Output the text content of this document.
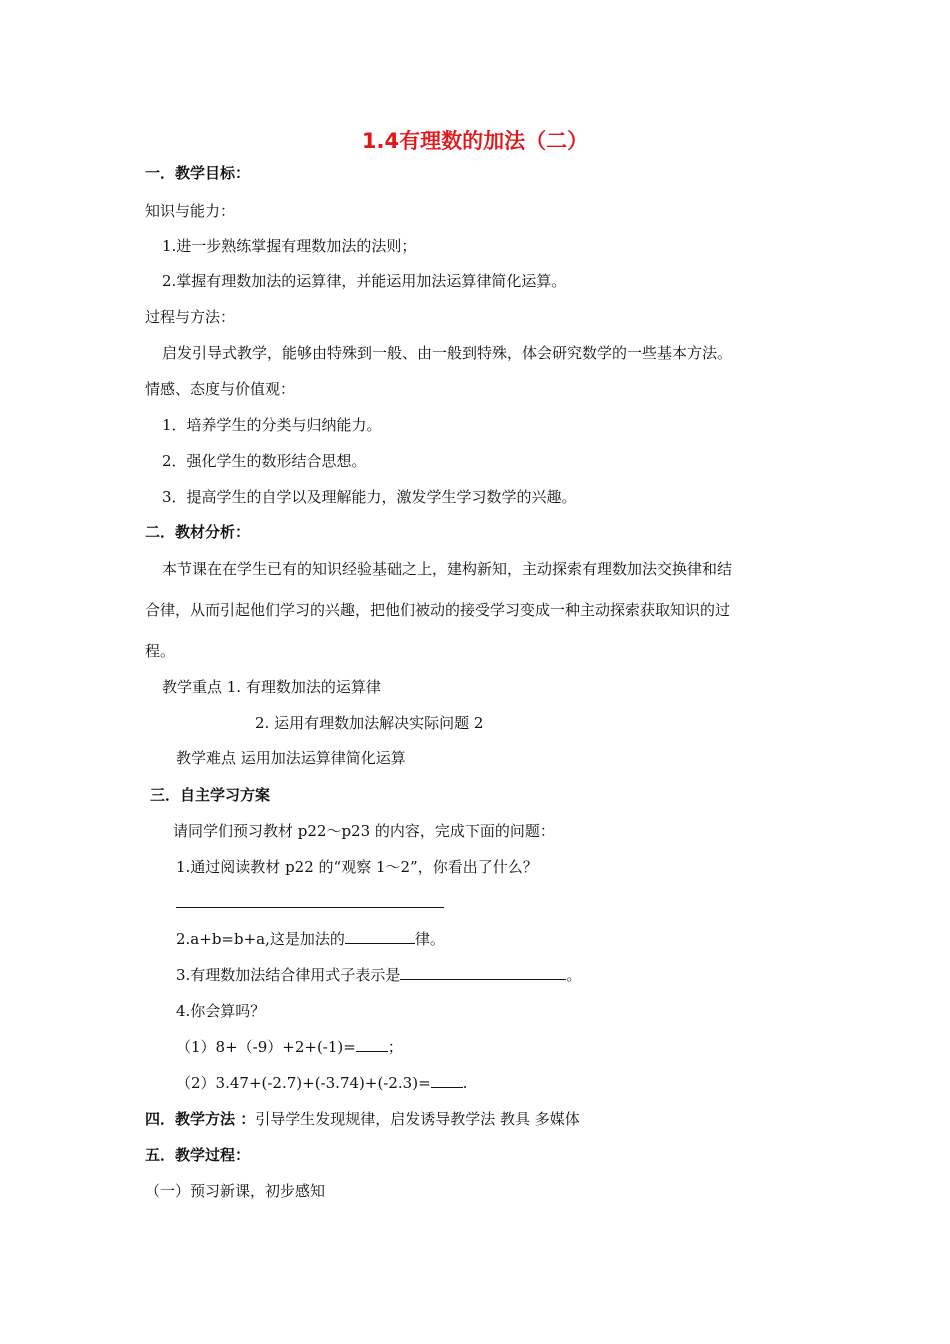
1.4有理数的加法（二）
一．教学目标：
知识与能力：
1.进一步熟练掌握有理数加法的法则；
2.掌握有理数加法的运算律，并能运用加法运算律简化运算。
过程与方法：
启发引导式教学，能够由特殊到一般、由一般到特殊，体会研究数学的一些基本方法。
情感、态度与价值观：
1．培养学生的分类与归纳能力。
2．强化学生的数形结合思想。
3．提高学生的自学以及理解能力，激发学生学习数学的兴趣。
二．教材分析：
本节课在在学生已有的知识经验基础之上，建构新知，主动探索有理数加法交换律和结
合律，从而引起他们学习的兴趣，把他们被动的接受学习变成一种主动探索获取知识的过
程。
教学重点 1. 有理数加法的运算律
2. 运用有理数加法解决实际问题 2
教学难点 运用加法运算律简化运算
三．自主学习方案
请同学们预习教材 p22～p23 的内容，完成下面的问题：
1.通过阅读教材 p22 的“观察 1～2”，你看出了什么？
2.a+b=b+a,这是加法的	律。
3.有理数加法结合律用式子表示是	。
4.你会算吗？
（1）8+（-9）+2+(-1)= ；
（2）3.47+(-2.7)+(-3.74)+(-2.3)= .
四．教学方法 ：引导学生发现规律，启发诱导教学法 教具 多媒体
五．教学过程：
（一）预习新课，初步感知
